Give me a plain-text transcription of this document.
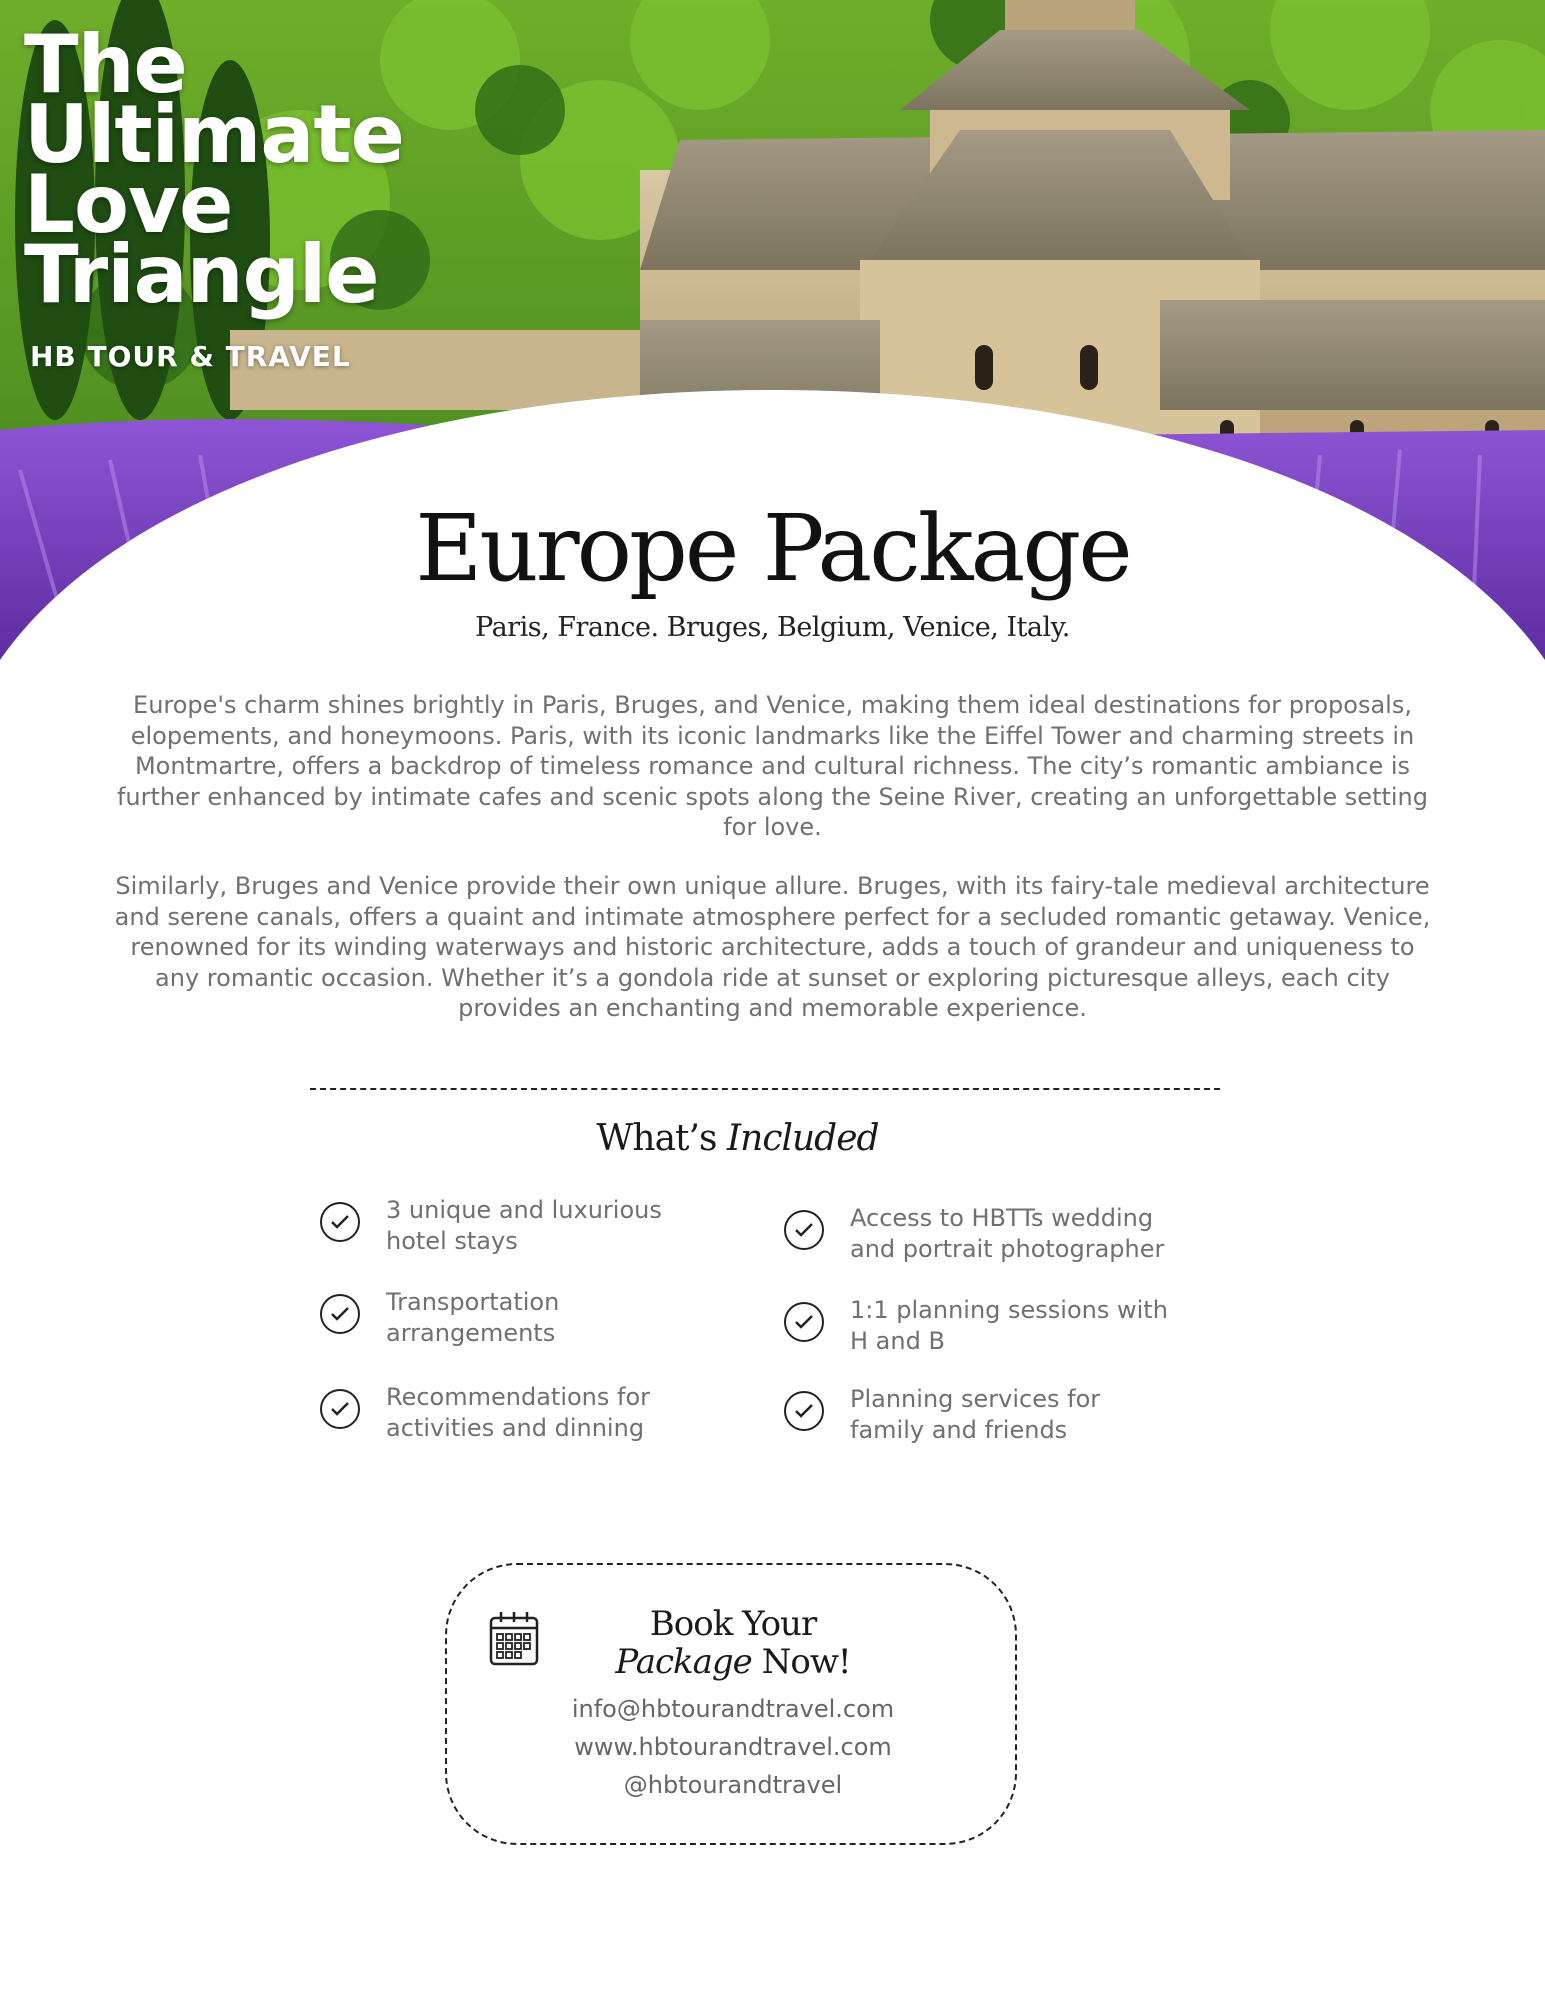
The
Ultimate
Love
Triangle
HB TOUR & TRAVEL
Europe Package
Paris, France. Bruges, Belgium, Venice, Italy.

Europe's charm shines brightly in Paris, Bruges, and Venice, making them ideal destinations for proposals, elopements, and honeymoons. Paris, with its iconic landmarks like the Eiffel Tower and charming streets in Montmartre, offers a backdrop of timeless romance and cultural richness. The city’s romantic ambiance is further enhanced by intimate cafes and scenic spots along the Seine River, creating an unforgettable setting for love.

Similarly, Bruges and Venice provide their own unique allure. Bruges, with its fairy-tale medieval architecture and serene canals, offers a quaint and intimate atmosphere perfect for a secluded romantic getaway. Venice, renowned for its winding waterways and historic architecture, adds a touch of grandeur and uniqueness to any romantic occasion. Whether it’s a gondola ride at sunset or exploring picturesque alleys, each city provides an enchanting and memorable experience.

What’s Included
3 unique and luxurious hotel stays
Access to HBTTs wedding and portrait photographer
Transportation arrangements
1:1 planning sessions with H and B
Recommendations for activities and dinning
Planning services for family and friends
Book Your
Package Now!
info@hbtourandtravel.com
www.hbtourandtravel.com
@hbtourandtravel
